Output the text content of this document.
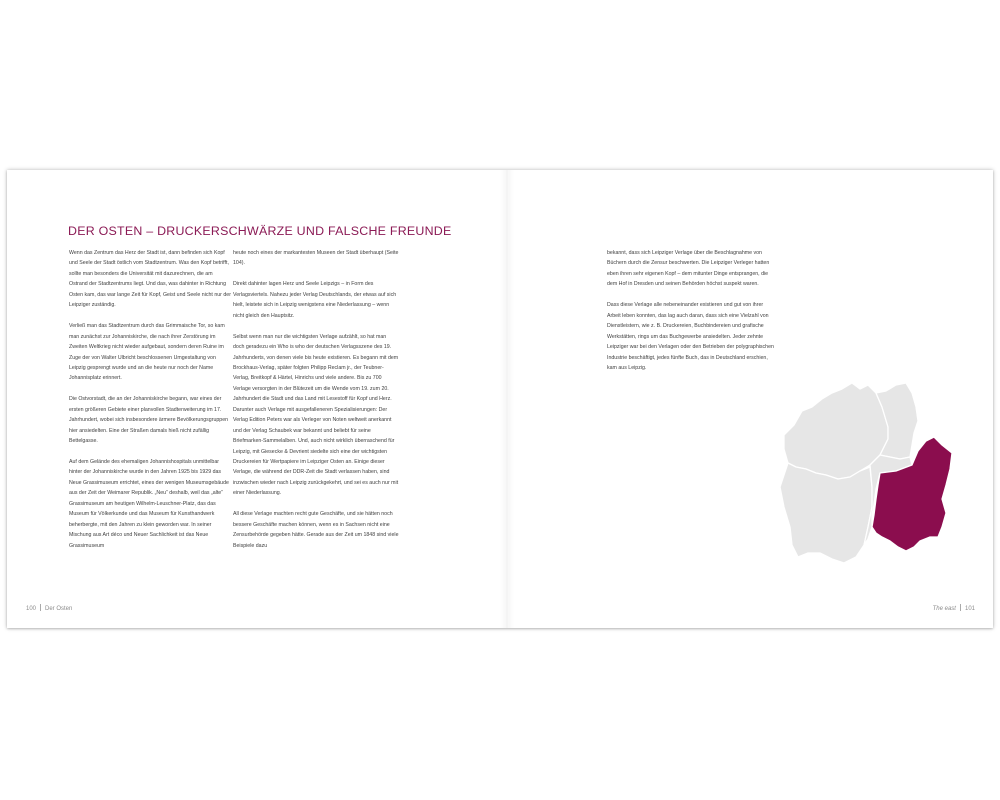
DER OSTEN – DRUCKERSCHWÄRZE UND FALSCHE FREUNDE

Wenn das Zentrum das Herz der Stadt ist, dann befinden sich Kopf und Seele der Stadt östlich vom Stadtzentrum. Was den Kopf betrifft, sollte man besonders die Universität mit dazurechnen, die am Ostrand der Stadtzentrums liegt. Und das, was dahinter in Richtung Osten kam, das war lange Zeit für Kopf, Geist und Seele nicht nur der Leipziger zuständig.

Verließ man das Stadtzentrum durch das Grimmaische Tor, so kam man zunächst zur Johanniskirche, die nach ihrer Zerstörung im Zweiten Weltkrieg nicht wieder aufgebaut, sondern deren Ruine im Zuge der von Walter Ulbricht beschlossenen Umgestaltung von Leipzig gesprengt wurde und an die heute nur noch der Name Johannisplatz erinnert.

Die Ostvorstadt, die an der Johanniskirche begann, war eines der ersten größeren Gebiete einer planvollen Stadterweiterung im 17. Jahrhundert, wobei sich insbesondere ärmere Bevölkerungsgruppen hier ansiedelten. Eine der Straßen damals hieß nicht zufällig Bettelgasse.

Auf dem Gelände des ehemaligen Johannishospitals unmittelbar hinter der Johanniskirche wurde in den Jahren 1925 bis 1929 das Neue Grassimuseum errichtet, eines der wenigen Museumsgebäude aus der Zeit der Weimarer Republik. „Neu“ deshalb, weil das „alte“ Grassimuseum am heutigen Wilhelm-Leuschner-Platz, das das Museum für Völkerkunde und das Museum für Kunsthandwerk beherbergte, mit den Jahren zu klein geworden war. In seiner Mischung aus Art déco und Neuer Sachlichkeit ist das Neue Grassimuseum

heute noch eines der markantesten Museen der Stadt überhaupt (Seite 104).

Direkt dahinter lagen Herz und Seele Leipzigs – in Form des Verlagsviertels. Nahezu jeder Verlag Deutschlands, der etwas auf sich hielt, leistete sich in Leipzig wenigstens eine Niederlassung – wenn nicht gleich den Hauptsitz.

Selbst wenn man nur die wichtigsten Verlage aufzählt, so hat man doch geradezu ein Who is who der deutschen Verlagsszene des 19. Jahrhunderts, von denen viele bis heute existieren. Es begann mit dem Brockhaus-Verlag, später folgten Philipp Reclam jr., der Teubner-Verlag, Breitkopf & Härtel, Hinrichs und viele andere. Bis zu 700 Verlage versorgten in der Blütezeit um die Wende vom 19. zum 20. Jahrhundert die Stadt und das Land mit Lesestoff für Kopf und Herz. Darunter auch Verlage mit ausgefalleneren Spezialisierungen: Der Verlag Edition Peters war als Verleger von Noten weltweit anerkannt und der Verlag Schaubek war bekannt und beliebt für seine Briefmarken-Sammelalben. Und, auch nicht wirklich überraschend für Leipzig, mit Giesecke & Devrient siedelte sich eine der wichtigsten Druckereien für Wertpapiere im Leipziger Osten an. Einige dieser Verlage, die während der DDR-Zeit die Stadt verlassen haben, sind inzwischen wieder nach Leipzig zurückgekehrt, und sei es auch nur mit einer Niederlassung.

All diese Verlage machten recht gute Geschäfte, und sie hätten noch bessere Geschäfte machen können, wenn es in Sachsen nicht eine Zensurbehörde gegeben hätte. Gerade aus der Zeit um 1848 sind viele Beispiele dazu

bekannt, dass sich Leipziger Verlage über die Beschlagnahme von Büchern durch die Zensur beschwerten. Die Leipziger Verleger hatten eben ihren sehr eigenen Kopf – dem mitunter Dinge entsprangen, die dem Hof in Dresden und seinen Behörden höchst suspekt waren.

Dass diese Verlage alle nebeneinander existieren und gut von ihrer Arbeit leben konnten, das lag auch daran, dass sich eine Vielzahl von Dienstleistern, wie z. B. Druckereien, Buchbindereien und grafische Werkstätten, rings um das Buchgewerbe ansiedelten. Jeder zehnte Leipziger war bei den Verlagen oder den Betrieben der polygraphischen Industrie beschäftigt, jedes fünfte Buch, das in Deutschland erschien, kam aus Leipzig.

100 Der Osten	The east 101
